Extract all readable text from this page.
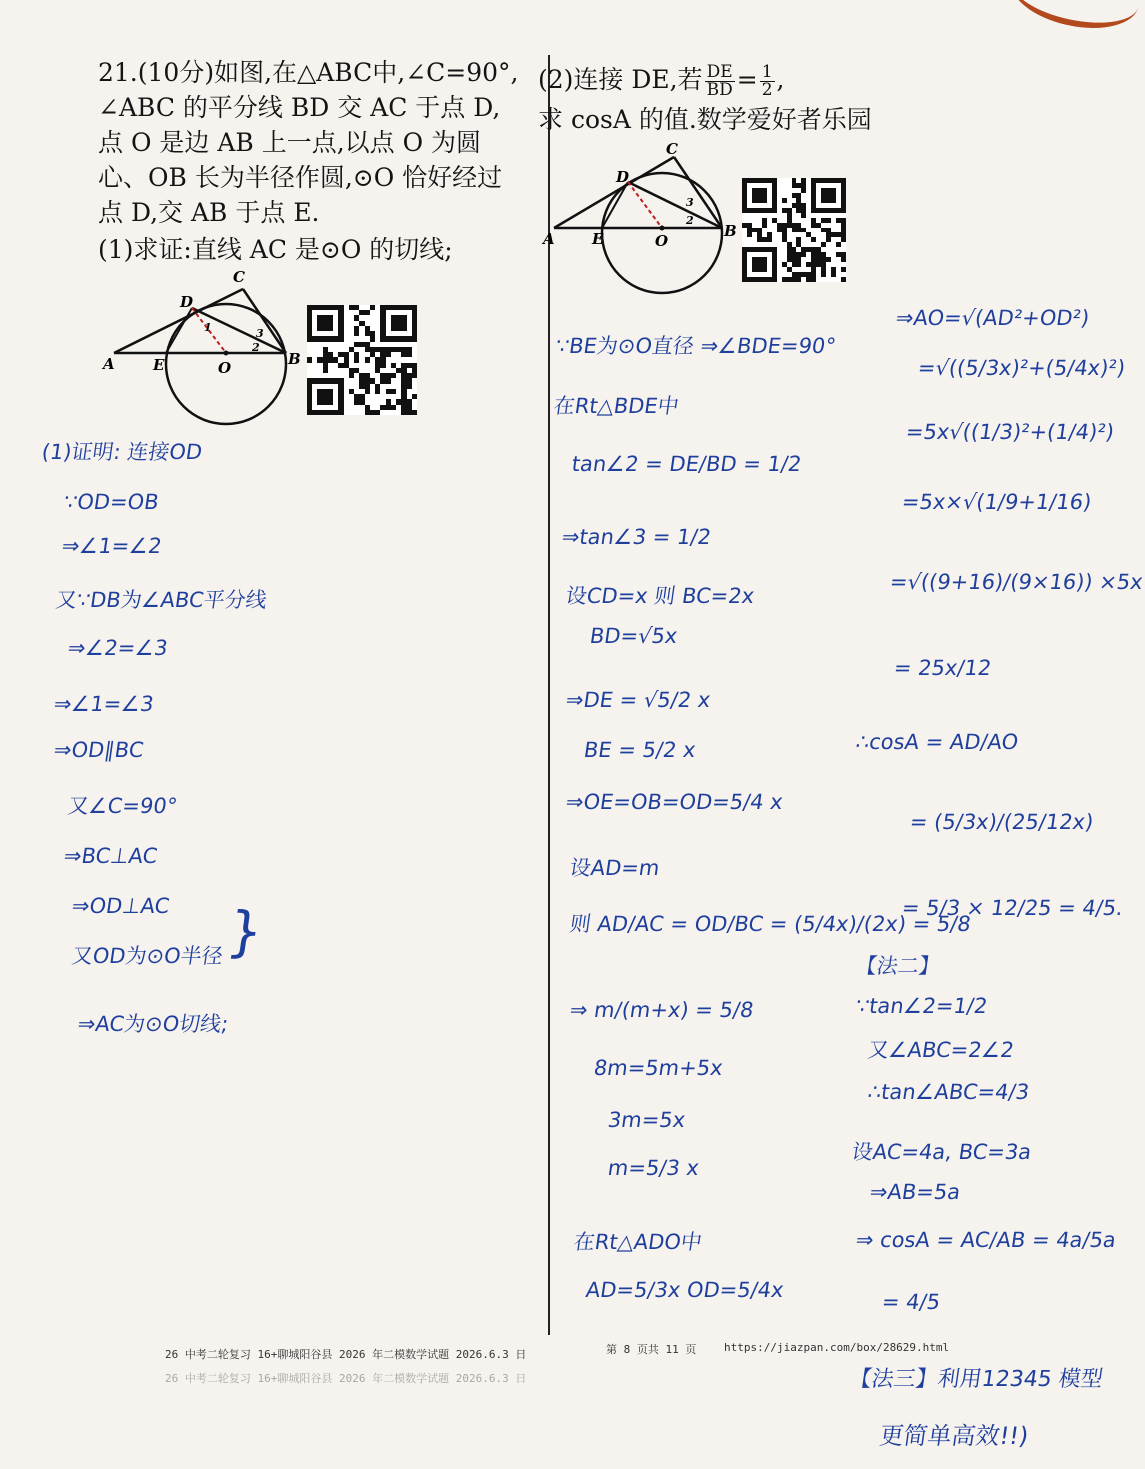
21.(10分)如图,在△ABC中,∠C=90°,
∠ABC 的平分线 BD 交 AC 于点 D,
点 O 是边 AB 上一点,以点 O 为圆
心、OB 长为半径作圆,⊙O 恰好经过
点 D,交 AB 于点 E.
(1)求证:直线 AC 是⊙O 的切线;
(2)连接 DE,若 $\frac{DE}{BD} = \frac{1}{2}$ ,
求 cosA 的值.数学爱好者乐园
A	B
C
D
E	O
1
2
3
A	B
C
D
E	O
3
2
(1)证明: 连接OD
∵OD=OB
⇒∠1=∠2
又∵DB为∠ABC平分线
⇒∠2=∠3
⇒∠1=∠3
⇒OD∥BC
又∠C=90°
⇒BC⊥AC
⇒OD⊥AC
又OD为⊙O半径 }
⇒AC为⊙O切线;
∵BE为⊙O直径 ⇒∠BDE=90°
在Rt△BDE中
tan∠2 = DE/BD = 1/2
⇒tan∠3 = 1/2
设CD=x 则 BC=2x
BD=√5x
⇒DE = √5/2 x
BE = 5/2 x
⇒OE=OB=OD=5/4 x
设AD=m
则 AD/AC = OD/BC = (5/4x)/(2x) = 5/8
⇒ m/(m+x) = 5/8
8m=5m+5x
3m=5x
m=5/3 x
在Rt△ADO中
AD=5/3x OD=5/4x
⇒AO=√(AD²+OD²)
=√((5/3x)²+(5/4x)²)
=5x√((1/3)²+(1/4)²)
=5x×√(1/9+1/16)
=√((9+16)/(9×16)) ×5x
= 25x/12
∴cosA = AD/AO
= (5/3x)/(25/12x)
= 5/3 × 12/25 = 4/5.
【法二】
∵tan∠2=1/2
又∠ABC=2∠2
∴tan∠ABC=4/3
设AC=4a, BC=3a
⇒AB=5a
⇒ cosA = AC/AB = 4a/5a
= 4/5
26 中考二轮复习 16+聊城阳谷县 2026 年二模数学试题 2026.6.3 日	第 8 页共 11 页	https://jiazpan.com/box/28629.html
26 中考二轮复习 16+聊城阳谷县 2026 年二模数学试题 2026.6.3 日	【法三】利用12345 模型
更简单高效!!)
